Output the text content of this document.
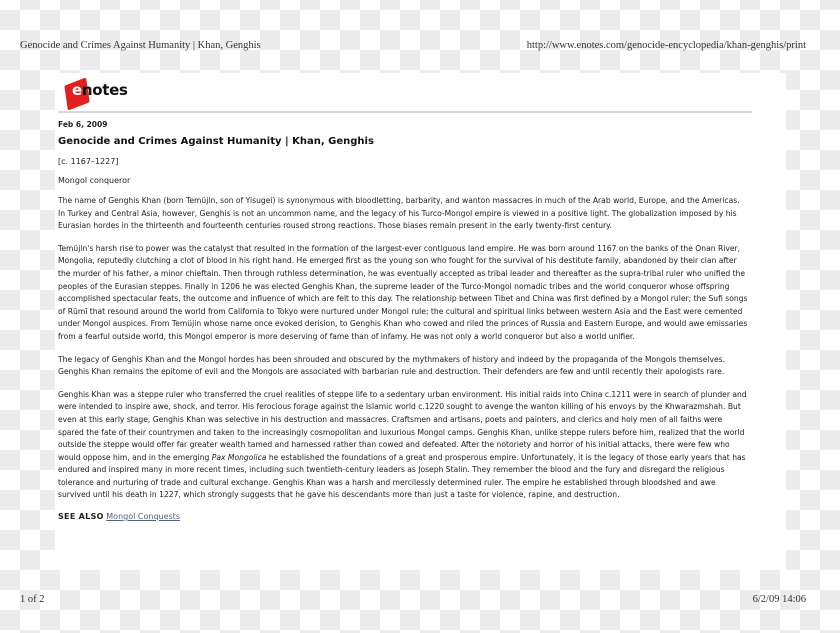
Genocide and Crimes Against Humanity | Khan, Genghis	http://www.enotes.com/genocide-encyclopedia/khan-genghis/print
enotes
Feb 6, 2009
Genocide and Crimes Against Humanity | Khan, Genghis
[c. 1167–1227]
Mongol conqueror

The name of Genghis Khan (born Temüjin, son of Yisugei) is synonymous with bloodletting, barbarity, and wanton massacres in much of the Arab world, Europe, and the Americas. In Turkey and Central Asia, however, Genghis is not an uncommon name, and the legacy of his Turco-Mongol empire is viewed in a positive light. The globalization imposed by his Eurasian hordes in the thirteenth and fourteenth centuries roused strong reactions. Those biases remain present in the early twenty-first century.

Temüjin's harsh rise to power was the catalyst that resulted in the formation of the largest-ever contiguous land empire. He was born around 1167 on the banks of the Onan River, Mongolia, reputedly clutching a clot of blood in his right hand. He emerged first as the young son who fought for the survival of his destitute family, abandoned by their clan after the murder of his father, a minor chieftain. Then through ruthless determination, he was eventually accepted as tribal leader and thereafter as the supra-tribal ruler who unified the peoples of the Eurasian steppes. Finally in 1206 he was elected Genghis Khan, the supreme leader of the Turco-Mongol nomadic tribes and the world conqueror whose offspring accomplished spectacular feats, the outcome and influence of which are felt to this day. The relationship between Tibet and China was first defined by a Mongol ruler; the Sufi songs of Rūmī that resound around the world from California to Tokyo were nurtured under Mongol rule; the cultural and spiritual links between western Asia and the East were cemented under Mongol auspices. From Temüjin whose name once evoked derision, to Genghis Khan who cowed and riled the princes of Russia and Eastern Europe, and would awe emissaries from a fearful outside world, this Mongol emperor is more deserving of fame than of infamy. He was not only a world conqueror but also a world unifier.

The legacy of Genghis Khan and the Mongol hordes has been shrouded and obscured by the mythmakers of history and indeed by the propaganda of the Mongols themselves. Genghis Khan remains the epitome of evil and the Mongols are associated with barbarian rule and destruction. Their defenders are few and until recently their apologists rare.

Genghis Khan was a steppe ruler who transferred the cruel realities of steppe life to a sedentary urban environment. His initial raids into China c.1211 were in search of plunder and were intended to inspire awe, shock, and terror. His ferocious forage against the Islamic world c.1220 sought to avenge the wanton killing of his envoys by the Khwarazmshah. But even at this early stage, Genghis Khan was selective in his destruction and massacres. Craftsmen and artisans, poets and painters, and clerics and holy men of all faiths were spared the fate of their countrymen and taken to the increasingly cosmopolitan and luxurious Mongol camps. Genghis Khan, unlike steppe rulers before him, realized that the world outside the steppe would offer far greater wealth tamed and harnessed rather than cowed and defeated. After the notoriety and horror of his initial attacks, there were few who would oppose him, and in the emerging Pax Mongolica he established the foundations of a great and prosperous empire. Unfortunately, it is the legacy of those early years that has endured and inspired many in more recent times, including such twentieth-century leaders as Joseph Stalin. They remember the blood and the fury and disregard the religious tolerance and nurturing of trade and cultural exchange. Genghis Khan was a harsh and mercilessly determined ruler. The empire he established through bloodshed and awe survived until his death in 1227, which strongly suggests that he gave his descendants more than just a taste for violence, rapine, and destruction.

SEE ALSO Mongol Conquests
1 of 2	6/2/09 14:06
